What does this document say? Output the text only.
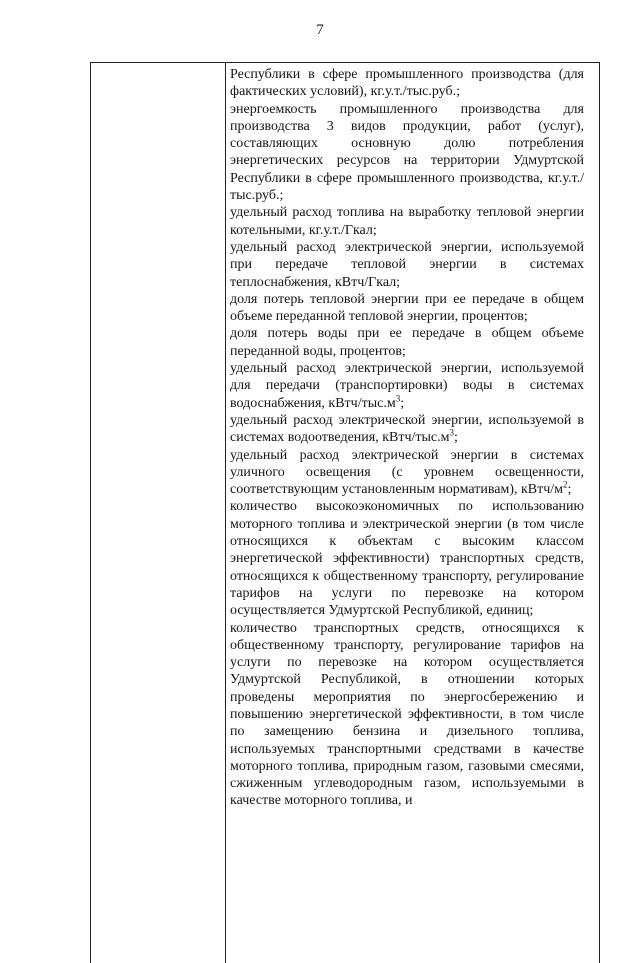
7

Республики в сфере промышленного производства (для фактических условий), кг.у.т./тыс.руб.;

энергоемкость промышленного производства для производства 3 видов продукции, работ (услуг), составляющих основную долю потребления энергетических ресурсов на территории Удмуртской Республики в сфере промышленного производства, кг.у.т./тыс.руб.;

удельный расход топлива на выработку тепловой энергии котельными, кг.у.т./Гкал;

удельный расход электрической энергии, используемой при передаче тепловой энергии в системах теплоснабжения, кВтч/Гкал;

доля потерь тепловой энергии при ее передаче в общем объеме переданной тепловой энергии, процентов;

доля потерь воды при ее передаче в общем объеме переданной воды, процентов;

удельный расход электрической энергии, используемой для передачи (транспортировки) воды в системах водоснабжения, кВтч/$тыс.м^3$;

удельный расход электрической энергии, используемой в системах водоотведения, кВтч/$тыс.м^3$;

удельный расход электрической энергии в системах уличного освещения (с уровнем освещенности, соответствующим установленным нормативам), кВтч/$м^2$;

количество высокоэкономичных по использованию моторного топлива и электрической энергии (в том числе относящихся к объектам с высоким классом энергетической эффективности) транспортных средств, относящихся к общественному транспорту, регулирование тарифов на услуги по перевозке на котором осуществляется Удмуртской Республикой, единиц;

количество транспортных средств, относящихся к общественному транспорту, регулирование тарифов на услуги по перевозке на котором осуществляется Удмуртской Республикой, в отношении которых проведены мероприятия по энергосбережению и повышению энергетической эффективности, в том числе по замещению бензина и дизельного топлива, используемых транспортными средствами в качестве моторного топлива, природным газом, газовыми смесями, сжиженным углеводородным газом, используемыми в качестве моторного топлива, и
